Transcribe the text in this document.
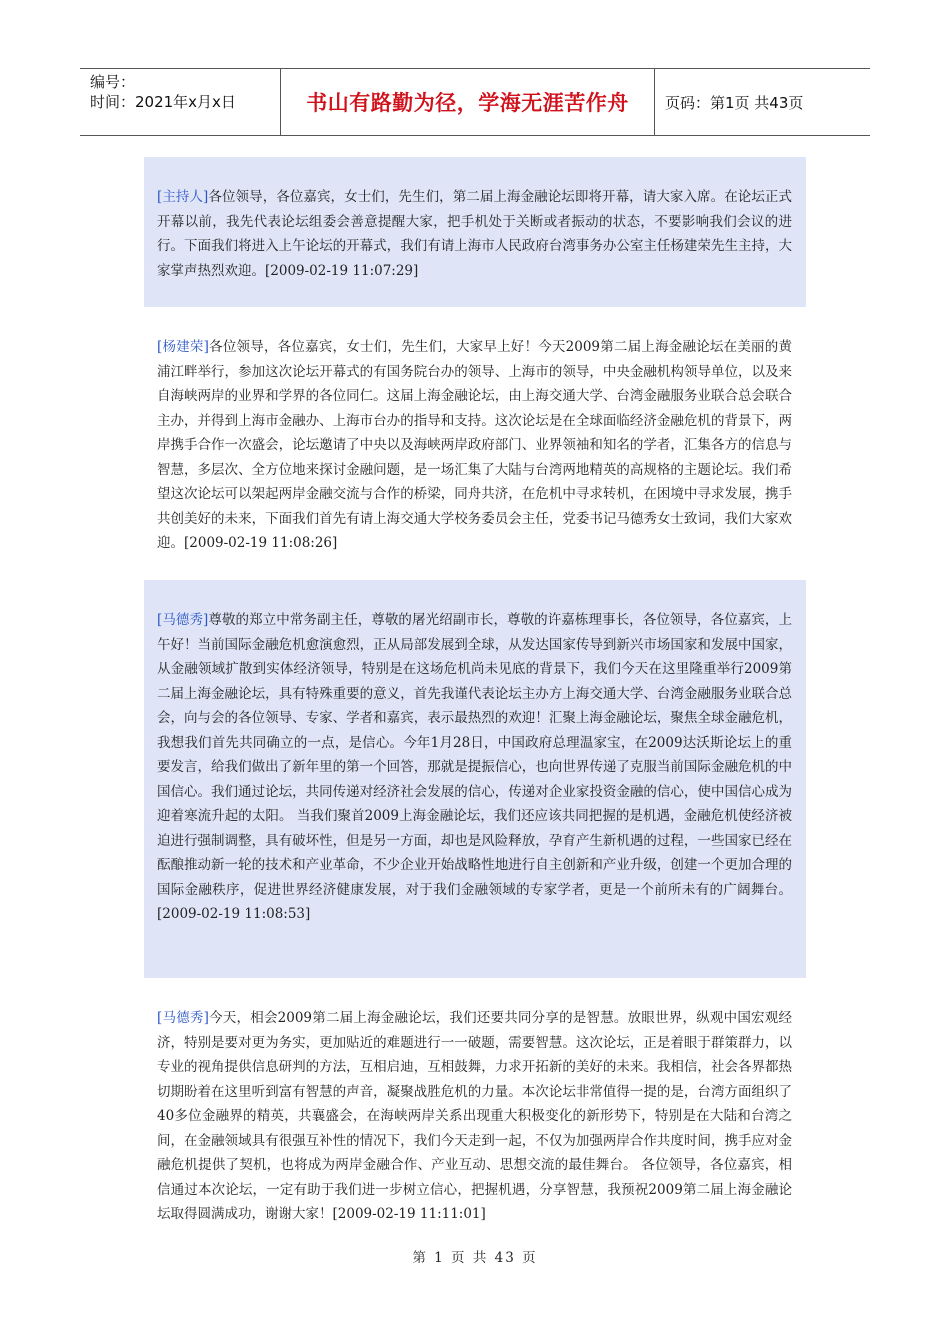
编号：
时间：2021年x月x日	书山有路勤为径，学海无涯苦作舟	页码：第1页 共43页
[主持人]各位领导，各位嘉宾，女士们，先生们，第二届上海金融论坛即将开幕，请大家入席。在论坛正式开幕以前，我先代表论坛组委会善意提醒大家，把手机处于关断或者振动的状态，不要影响我们会议的进行。下面我们将进入上午论坛的开幕式，我们有请上海市人民政府台湾事务办公室主任杨建荣先生主持，大家掌声热烈欢迎。[2009-02-19 11:07:29]
[杨建荣]各位领导，各位嘉宾，女士们，先生们，大家早上好！今天2009第二届上海金融论坛在美丽的黄浦江畔举行，参加这次论坛开幕式的有国务院台办的领导、上海市的领导，中央金融机构领导单位，以及来自海峡两岸的业界和学界的各位同仁。这届上海金融论坛，由上海交通大学、台湾金融服务业联合总会联合主办，并得到上海市金融办、上海市台办的指导和支持。这次论坛是在全球面临经济金融危机的背景下，两岸携手合作一次盛会，论坛邀请了中央以及海峡两岸政府部门、业界领袖和知名的学者，汇集各方的信息与智慧，多层次、全方位地来探讨金融问题，是一场汇集了大陆与台湾两地精英的高规格的主题论坛。我们希望这次论坛可以架起两岸金融交流与合作的桥梁，同舟共济，在危机中寻求转机，在困境中寻求发展，携手共创美好的未来，下面我们首先有请上海交通大学校务委员会主任，党委书记马德秀女士致词，我们大家欢迎。[2009-02-19 11:08:26]
[马德秀]尊敬的郑立中常务副主任，尊敬的屠光绍副市长，尊敬的许嘉栋理事长，各位领导，各位嘉宾，上午好！当前国际金融危机愈演愈烈，正从局部发展到全球，从发达国家传导到新兴市场国家和发展中国家，从金融领域扩散到实体经济领导，特别是在这场危机尚未见底的背景下，我们今天在这里隆重举行2009第二届上海金融论坛，具有特殊重要的意义，首先我谨代表论坛主办方上海交通大学、台湾金融服务业联合总会，向与会的各位领导、专家、学者和嘉宾，表示最热烈的欢迎！汇聚上海金融论坛，聚焦全球金融危机，我想我们首先共同确立的一点，是信心。今年1月28日，中国政府总理温家宝，在2009达沃斯论坛上的重要发言，给我们做出了新年里的第一个回答，那就是提振信心，也向世界传递了克服当前国际金融危机的中国信心。我们通过论坛，共同传递对经济社会发展的信心，传递对企业家投资金融的信心，使中国信心成为迎着寒流升起的太阳。 当我们聚首2009上海金融论坛，我们还应该共同把握的是机遇，金融危机使经济被迫进行强制调整，具有破坏性，但是另一方面，却也是风险释放，孕育产生新机遇的过程，一些国家已经在酝酿推动新一轮的技术和产业革命，不少企业开始战略性地进行自主创新和产业升级，创建一个更加合理的国际金融秩序，促进世界经济健康发展，对于我们金融领域的专家学者，更是一个前所未有的广阔舞台。[2009-02-19 11:08:53]
[马德秀]今天，相会2009第二届上海金融论坛，我们还要共同分享的是智慧。放眼世界，纵观中国宏观经济，特别是要对更为务实，更加贴近的难题进行一一破题，需要智慧。这次论坛，正是着眼于群策群力，以专业的视角提供信息研判的方法，互相启迪，互相鼓舞，力求开拓新的美好的未来。我相信，社会各界都热切期盼着在这里听到富有智慧的声音，凝聚战胜危机的力量。本次论坛非常值得一提的是，台湾方面组织了40多位金融界的精英，共襄盛会，在海峡两岸关系出现重大积极变化的新形势下，特别是在大陆和台湾之间，在金融领域具有很强互补性的情况下，我们今天走到一起，不仅为加强两岸合作共度时间，携手应对金融危机提供了契机，也将成为两岸金融合作、产业互动、思想交流的最佳舞台。 各位领导，各位嘉宾，相信通过本次论坛，一定有助于我们进一步树立信心，把握机遇，分享智慧，我预祝2009第二届上海金融论坛取得圆满成功，谢谢大家！[2009-02-19 11:11:01]
第 1 页 共 43 页
